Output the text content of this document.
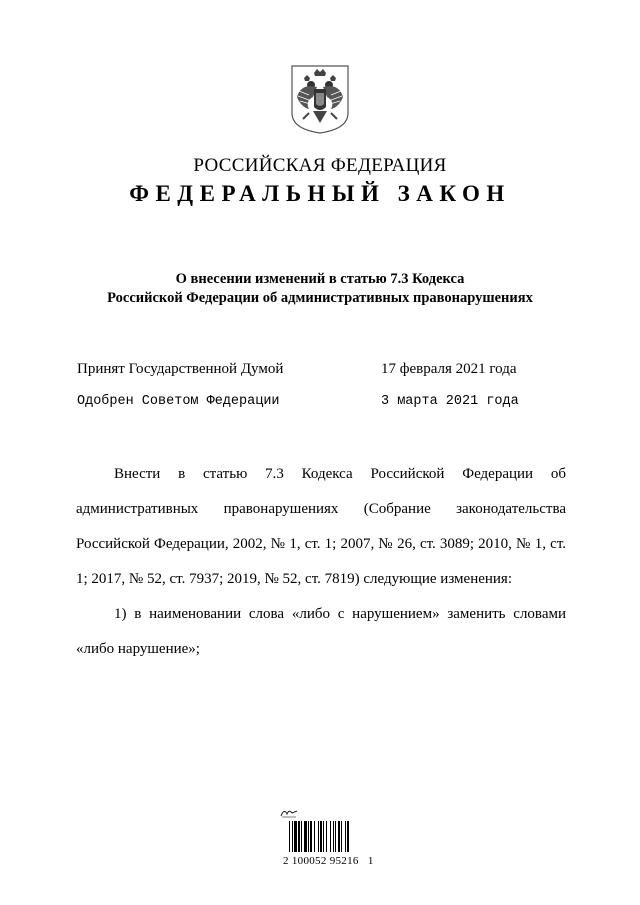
РОССИЙСКАЯ ФЕДЕРАЦИЯ
ФЕДЕРАЛЬНЫЙ ЗАКОН
О внесении изменений в статью 7.3 Кодекса
Российской Федерации об административных правонарушениях
Принят Государственной Думой	17 февраля 2021 года
Одобрен Советом Федерации	3 марта 2021 года

Внести в статью 7.3 Кодекса Российской Федерации об административных правонарушениях (Собрание законодательства Российской Федерации, 2002, № 1, ст. 1; 2007, № 26, ст. 3089; 2010, № 1, ст. 1; 2017, № 52, ст. 7937; 2019, № 52, ст. 7819) следующие изменения:

1) в наименовании слова «либо с нарушением» заменить словами «либо нарушение»;

2 100052 95216   1
